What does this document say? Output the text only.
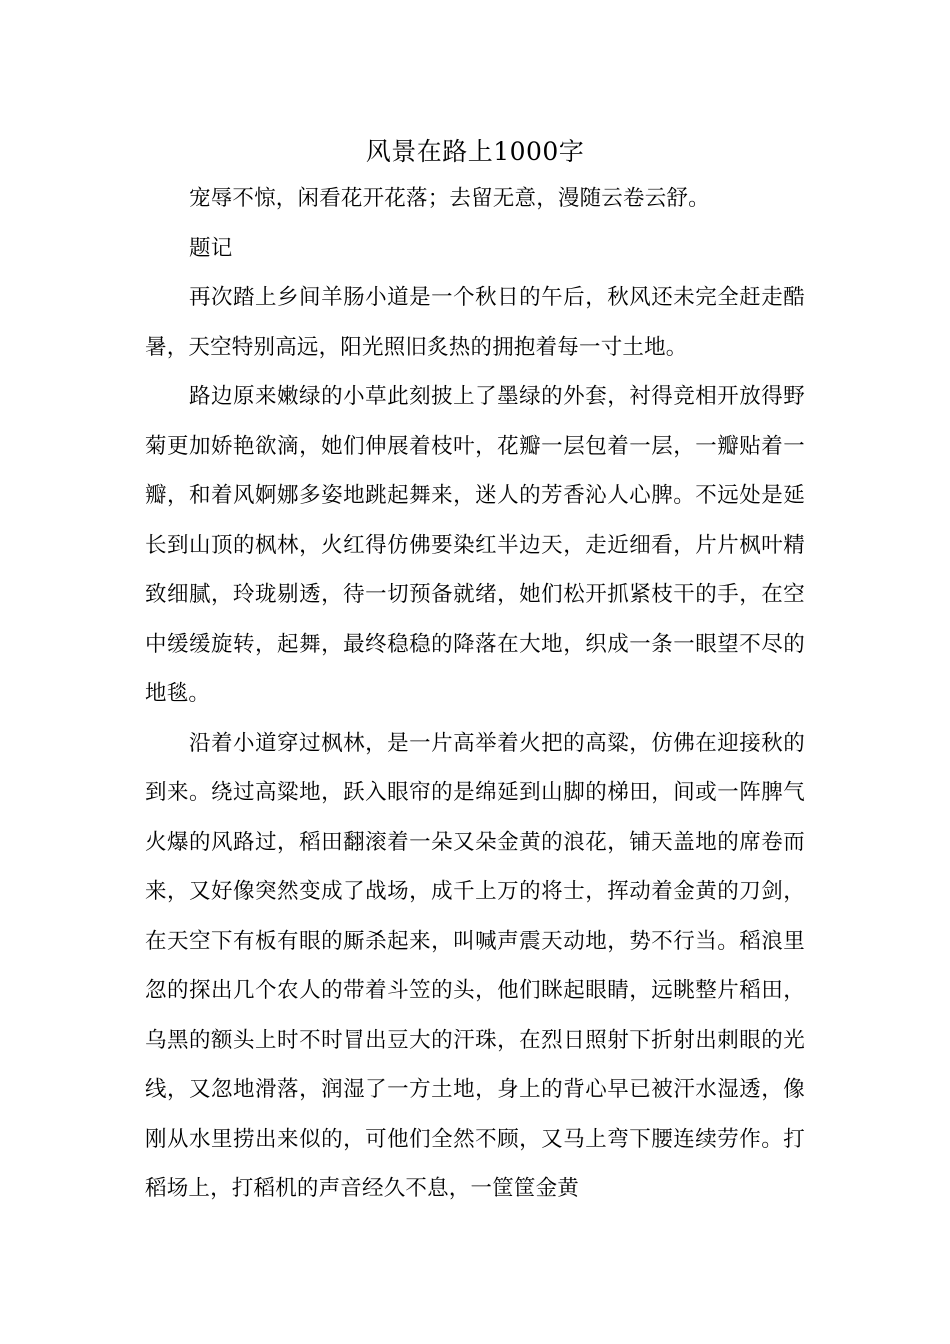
风景在路上1000字

宠辱不惊，闲看花开花落；去留无意，漫随云卷云舒。

题记

再次踏上乡间羊肠小道是一个秋日的午后，秋风还未完全赶走酷暑，天空特别高远，阳光照旧炙热的拥抱着每一寸土地。

路边原来嫩绿的小草此刻披上了墨绿的外套，衬得竞相开放得野菊更加娇艳欲滴，她们伸展着枝叶，花瓣一层包着一层，一瓣贴着一瓣，和着风婀娜多姿地跳起舞来，迷人的芳香沁人心脾。不远处是延长到山顶的枫林，火红得仿佛要染红半边天，走近细看，片片枫叶精致细腻，玲珑剔透，待一切预备就绪，她们松开抓紧枝干的手，在空中缓缓旋转，起舞，最终稳稳的降落在大地，织成一条一眼望不尽的地毯。

沿着小道穿过枫林，是一片高举着火把的高粱，仿佛在迎接秋的到来。绕过高粱地，跃入眼帘的是绵延到山脚的梯田，间或一阵脾气火爆的风路过，稻田翻滚着一朵又朵金黄的浪花，铺天盖地的席卷而来，又好像突然变成了战场，成千上万的将士，挥动着金黄的刀剑，在天空下有板有眼的厮杀起来，叫喊声震天动地，势不行当。稻浪里忽的探出几个农人的带着斗笠的头，他们眯起眼睛，远眺整片稻田，乌黑的额头上时不时冒出豆大的汗珠，在烈日照射下折射出刺眼的光线，又忽地滑落，润湿了一方土地，身上的背心早已被汗水湿透，像刚从水里捞出来似的，可他们全然不顾，又马上弯下腰连续劳作。打稻场上，打稻机的声音经久不息，一筐筐金黄
